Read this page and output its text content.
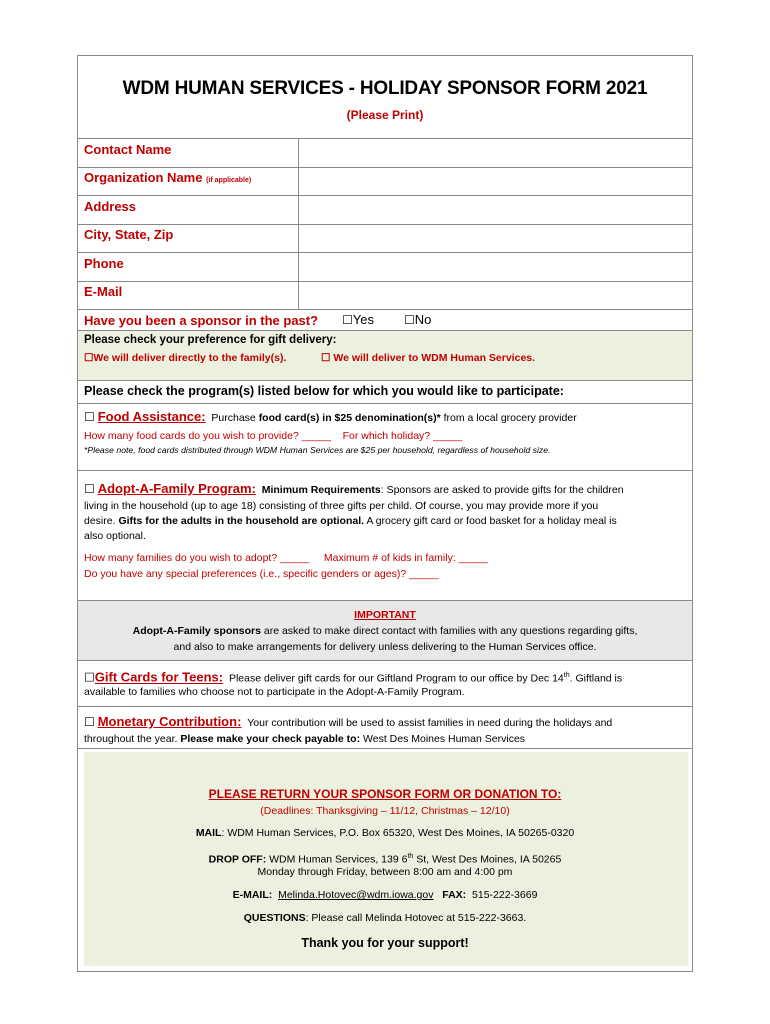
WDM HUMAN SERVICES - HOLIDAY SPONSOR FORM 2021
(Please Print)
Contact Name
Organization Name (if applicable)
Address
City, State, Zip
Phone
E-Mail
Have you been a sponsor in the past? ☐Yes	☐No
Please check your preference for gift delivery:
☐We will deliver directly to the family(s).	☐ We will deliver to WDM Human Services.
Please check the program(s) listed below for which you would like to participate:
☐ Food Assistance: Purchase food card(s) in $25 denomination(s)* from a local grocery provider
How many food cards do you wish to provide? _____ For which holiday? _____
*Please note, food cards distributed through WDM Human Services are $25 per household, regardless of household size.
☐ Adopt-A-Family Program: Minimum Requirements: Sponsors are asked to provide gifts for the children
living in the household (up to age 18) consisting of three gifts per child. Of course, you may provide more if you
desire. Gifts for the adults in the household are optional. A grocery gift card or food basket for a holiday meal is
also optional.
How many families do you wish to adopt? _____ Maximum # of kids in family: _____
Do you have any special preferences (i.e., specific genders or ages)? _____
IMPORTANT
Adopt-A-Family sponsors are asked to make direct contact with families with any questions regarding gifts,
and also to make arrangements for delivery unless delivering to the Human Services office.
☐Gift Cards for Teens: Please deliver gift cards for our Giftland Program to our office by Dec 14th. Giftland is
available to families who choose not to participate in the Adopt-A-Family Program.
☐ Monetary Contribution: Your contribution will be used to assist families in need during the holidays and
throughout the year. Please make your check payable to: West Des Moines Human Services
PLEASE RETURN YOUR SPONSOR FORM OR DONATION TO:
(Deadlines: Thanksgiving – 11/12, Christmas – 12/10)
MAIL: WDM Human Services, P.O. Box 65320, West Des Moines, IA 50265-0320
DROP OFF: WDM Human Services, 139 6th St, West Des Moines, IA 50265
Monday through Friday, between 8:00 am and 4:00 pm
E-MAIL: Melinda.Hotovec@wdm.iowa.gov FAX: 515-222-3669
QUESTIONS: Please call Melinda Hotovec at 515-222-3663.
Thank you for your support!
